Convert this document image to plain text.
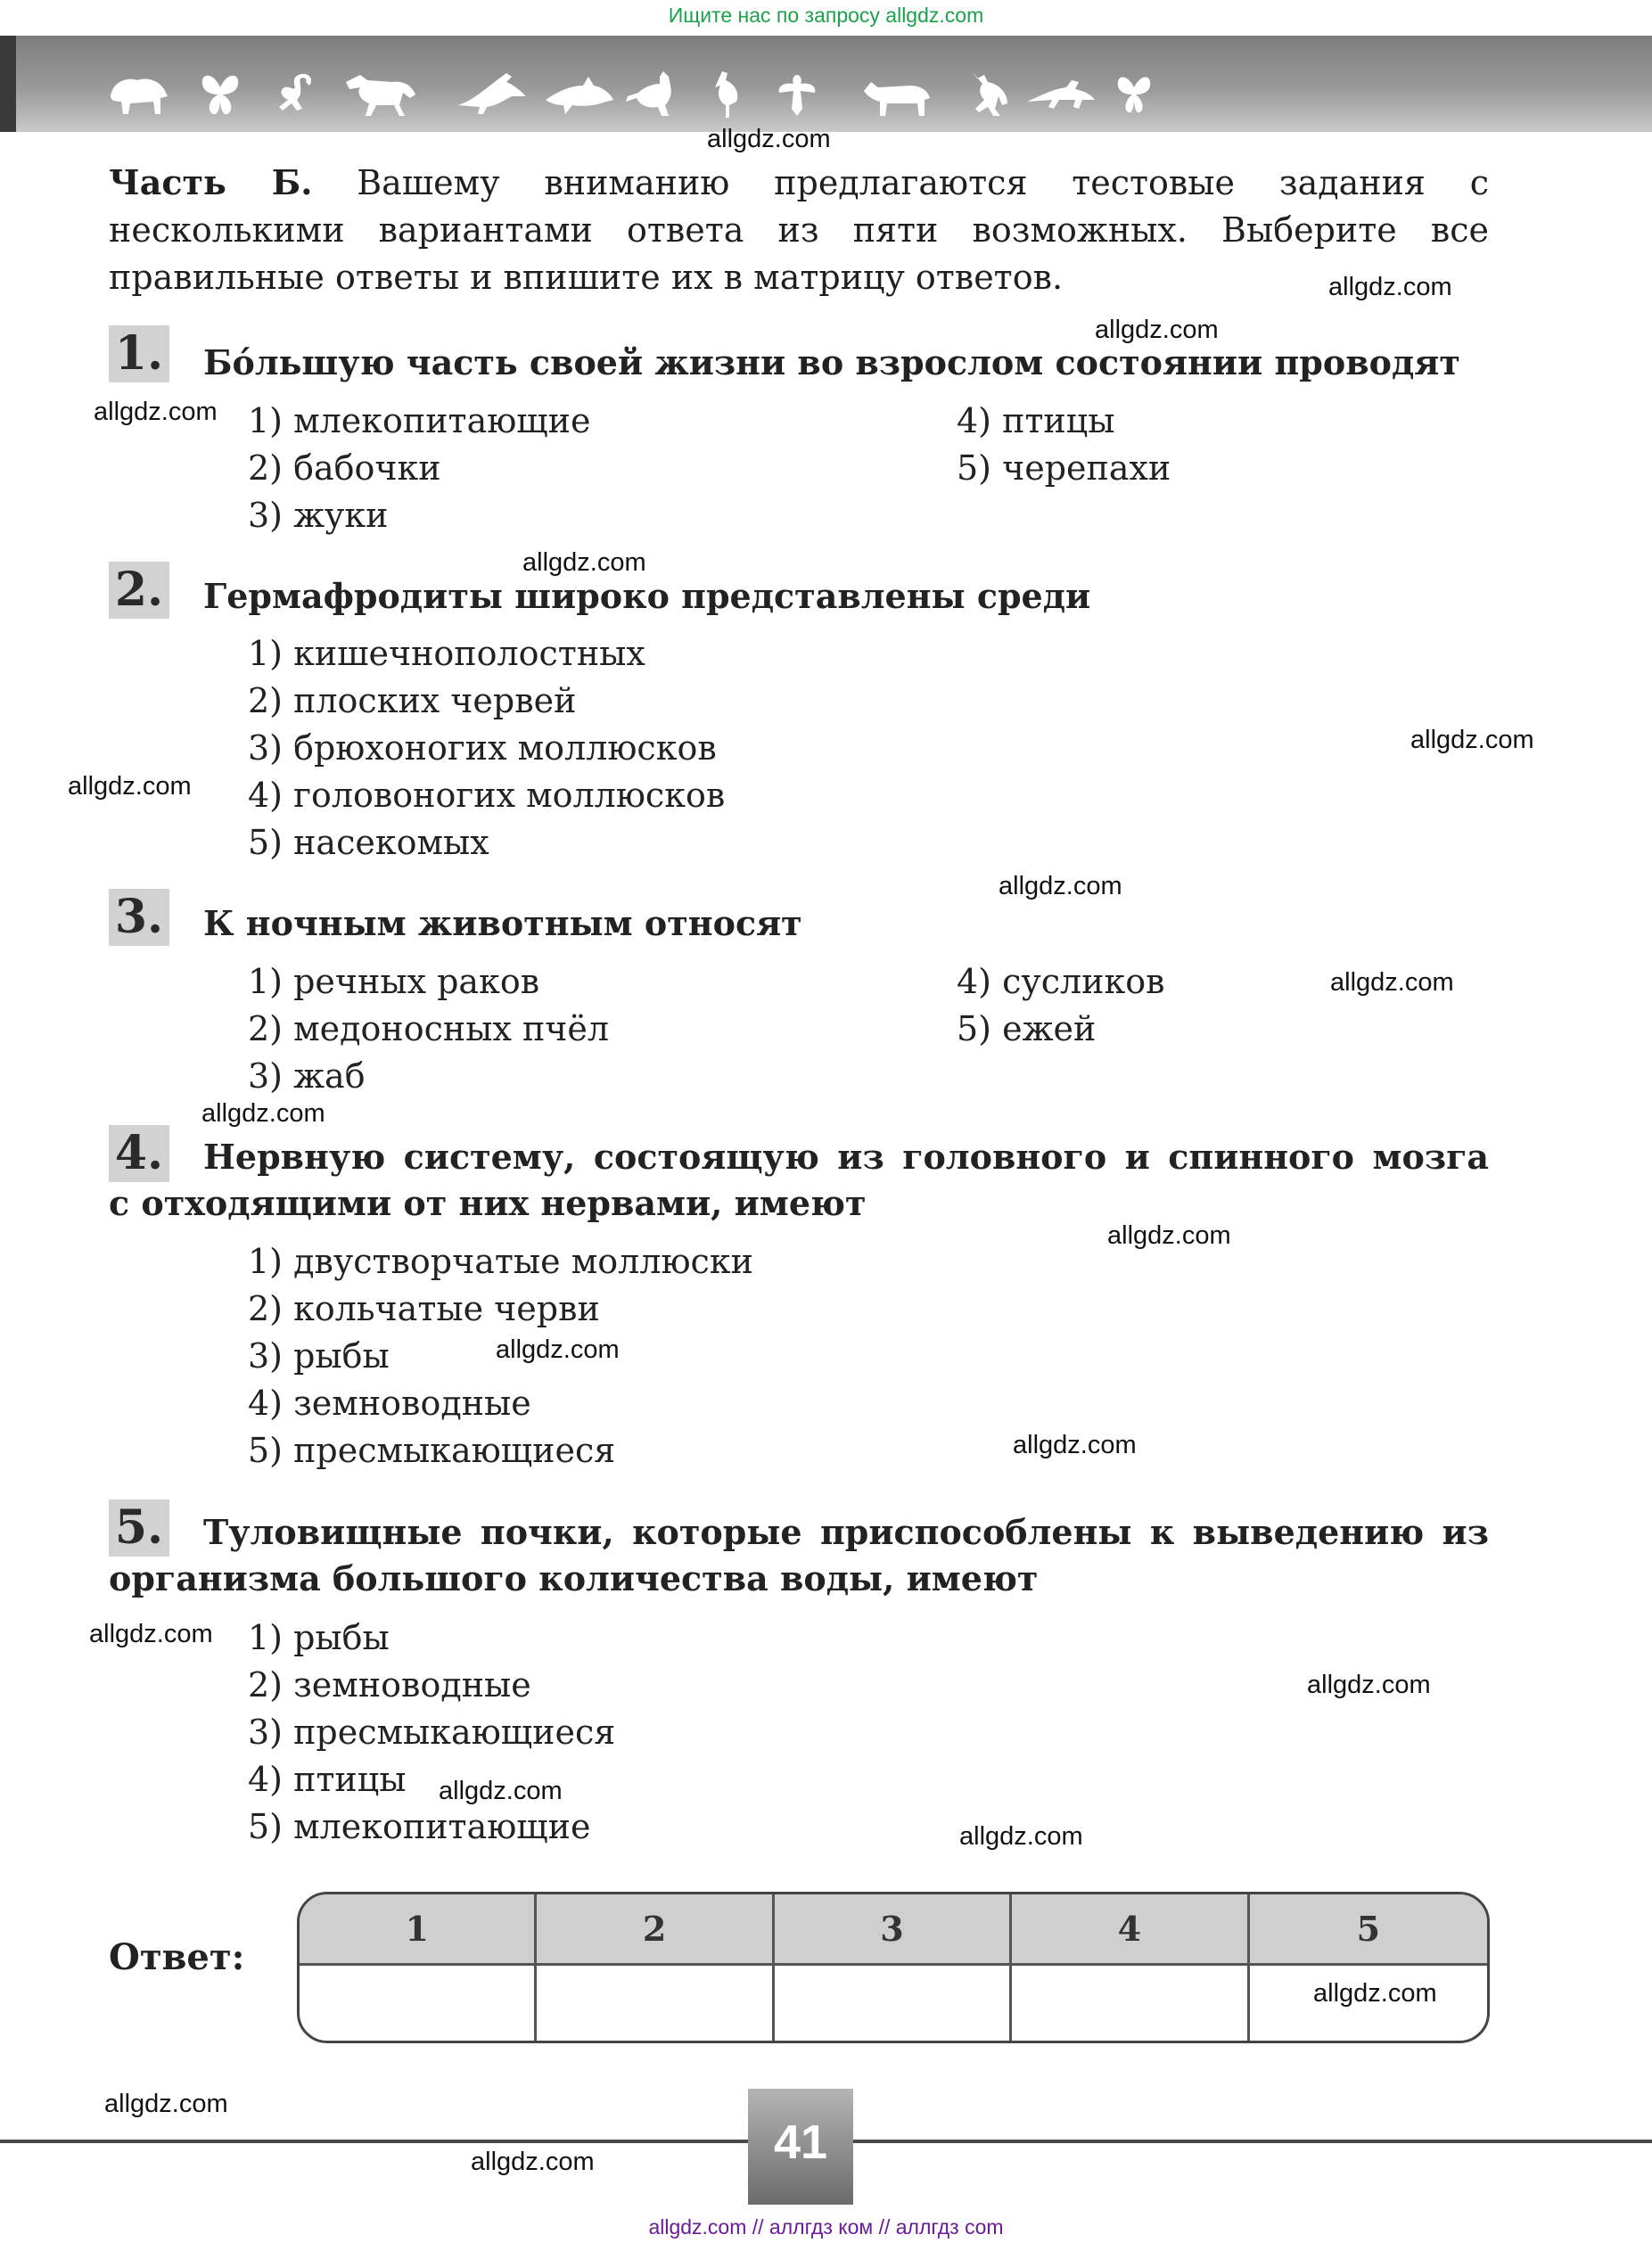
Ищите нас по запросу allgdz.com
Часть Б. Вашему вниманию предлагаются тестовые задания с несколькими вариантами ответа из пяти возможных. Выберите все правильные ответы и впишите их в матрицу ответов.
1. Бóльшую часть своей жизни во взрослом состоянии проводят
1) млекопитающие
2) бабочки
3) жуки
4) птицы
5) черепахи
2. Гермафродиты широко представлены среди
1) кишечнополостных
2) плоских червей
3) брюхоногих моллюсков
4) головоногих моллюсков
5) насекомых
3. К ночным животным относят
1) речных раков
2) медоносных пчёл
3) жаб
4) сусликов
5) ежей
4. Нервную систему, состоящую из головного и спинного мозга
с отходящими от них нервами, имеют
1) двустворчатые моллюски
2) кольчатые черви
3) рыбы
4) земноводные
5) пресмыкающиеся
5. Туловищные почки, которые приспособлены к выведению из
организма большого количества воды, имеют
1) рыбы
2) земноводные
3) пресмыкающиеся
4) птицы
5) млекопитающие
Ответ:
1	2	3	4	5
41
allgdz.com
allgdz.com
allgdz.com
allgdz.com
allgdz.com
allgdz.com
allgdz.com
allgdz.com
allgdz.com
allgdz.com
allgdz.com
allgdz.com
allgdz.com
allgdz.com
allgdz.com
allgdz.com
allgdz.com
allgdz.com
allgdz.com
allgdz.com
allgdz.com // аллгдз ком // аллгдз com
